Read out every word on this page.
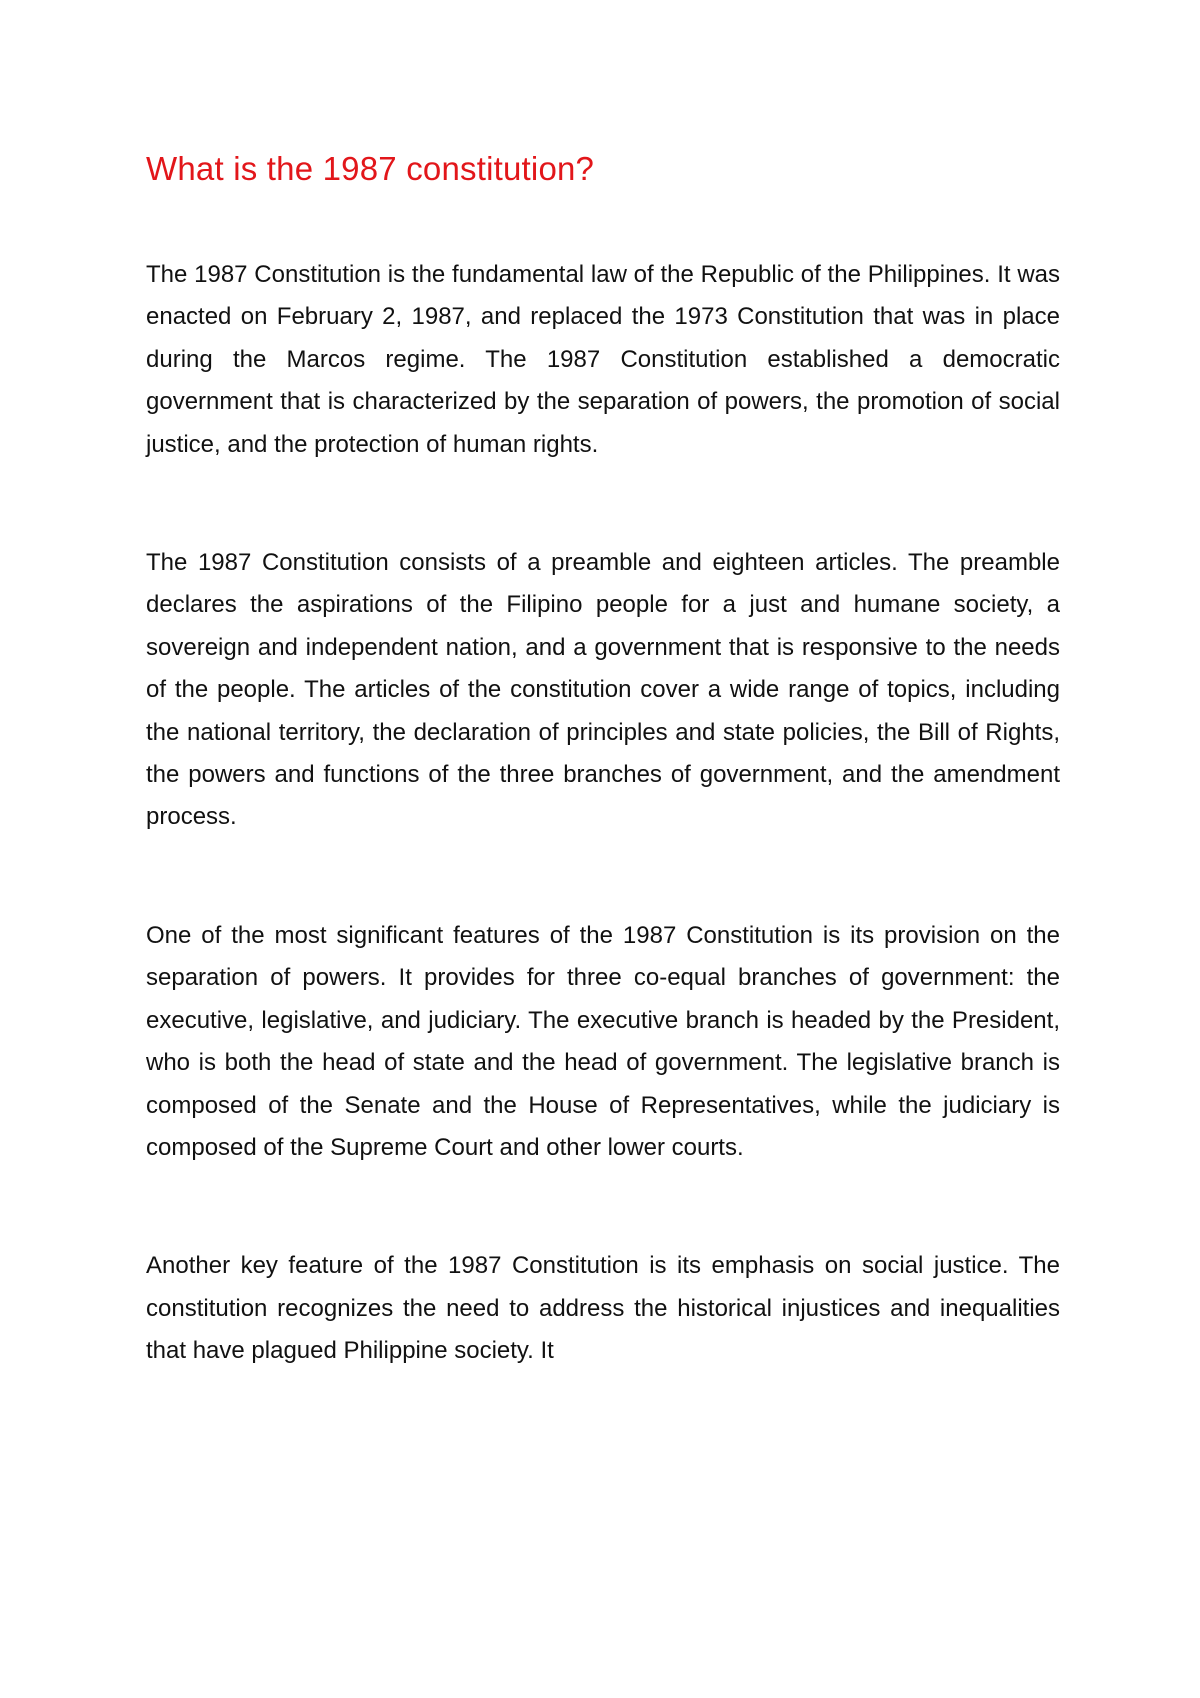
What is the 1987 constitution?

The 1987 Constitution is the fundamental law of the Republic of the Philippines. It was enacted on February 2, 1987, and replaced the 1973 Constitution that was in place during the Marcos regime. The 1987 Constitution established a democratic government that is characterized by the separation of powers, the promotion of social justice, and the protection of human rights.

The 1987 Constitution consists of a preamble and eighteen articles. The preamble declares the aspirations of the Filipino people for a just and humane society, a sovereign and independent nation, and a government that is responsive to the needs of the people. The articles of the constitution cover a wide range of topics, including the national territory, the declaration of principles and state policies, the Bill of Rights, the powers and functions of the three branches of government, and the amendment process.

One of the most significant features of the 1987 Constitution is its provision on the separation of powers. It provides for three co-equal branches of government: the executive, legislative, and judiciary. The executive branch is headed by the President, who is both the head of state and the head of government. The legislative branch is composed of the Senate and the House of Representatives, while the judiciary is composed of the Supreme Court and other lower courts.

Another key feature of the 1987 Constitution is its emphasis on social justice. The constitution recognizes the need to address the historical injustices and inequalities that have plagued Philippine society. It
